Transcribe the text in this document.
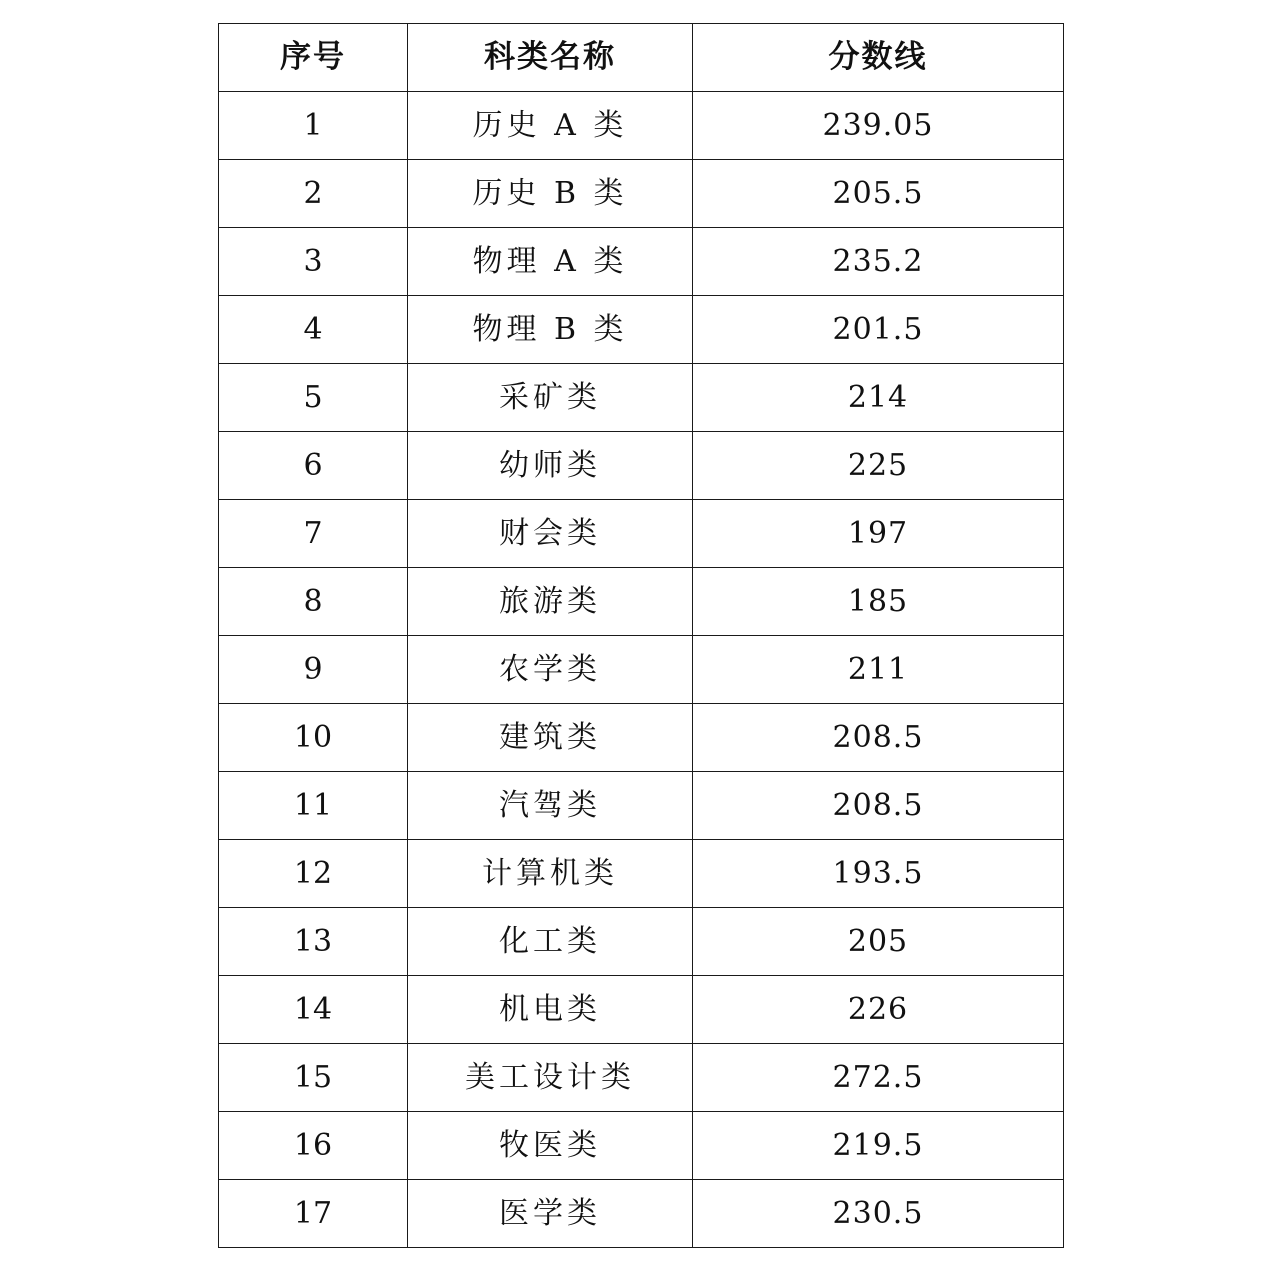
序号	科类名称	分数线
1	历史 A 类	239.05
2	历史 B 类	205.5
3	物理 A 类	235.2
4	物理 B 类	201.5
5	采矿类	214
6	幼师类	225
7	财会类	197
8	旅游类	185
9	农学类	211
10	建筑类	208.5
11	汽驾类	208.5
12	计算机类	193.5
13	化工类	205
14	机电类	226
15	美工设计类	272.5
16	牧医类	219.5
17	医学类	230.5
